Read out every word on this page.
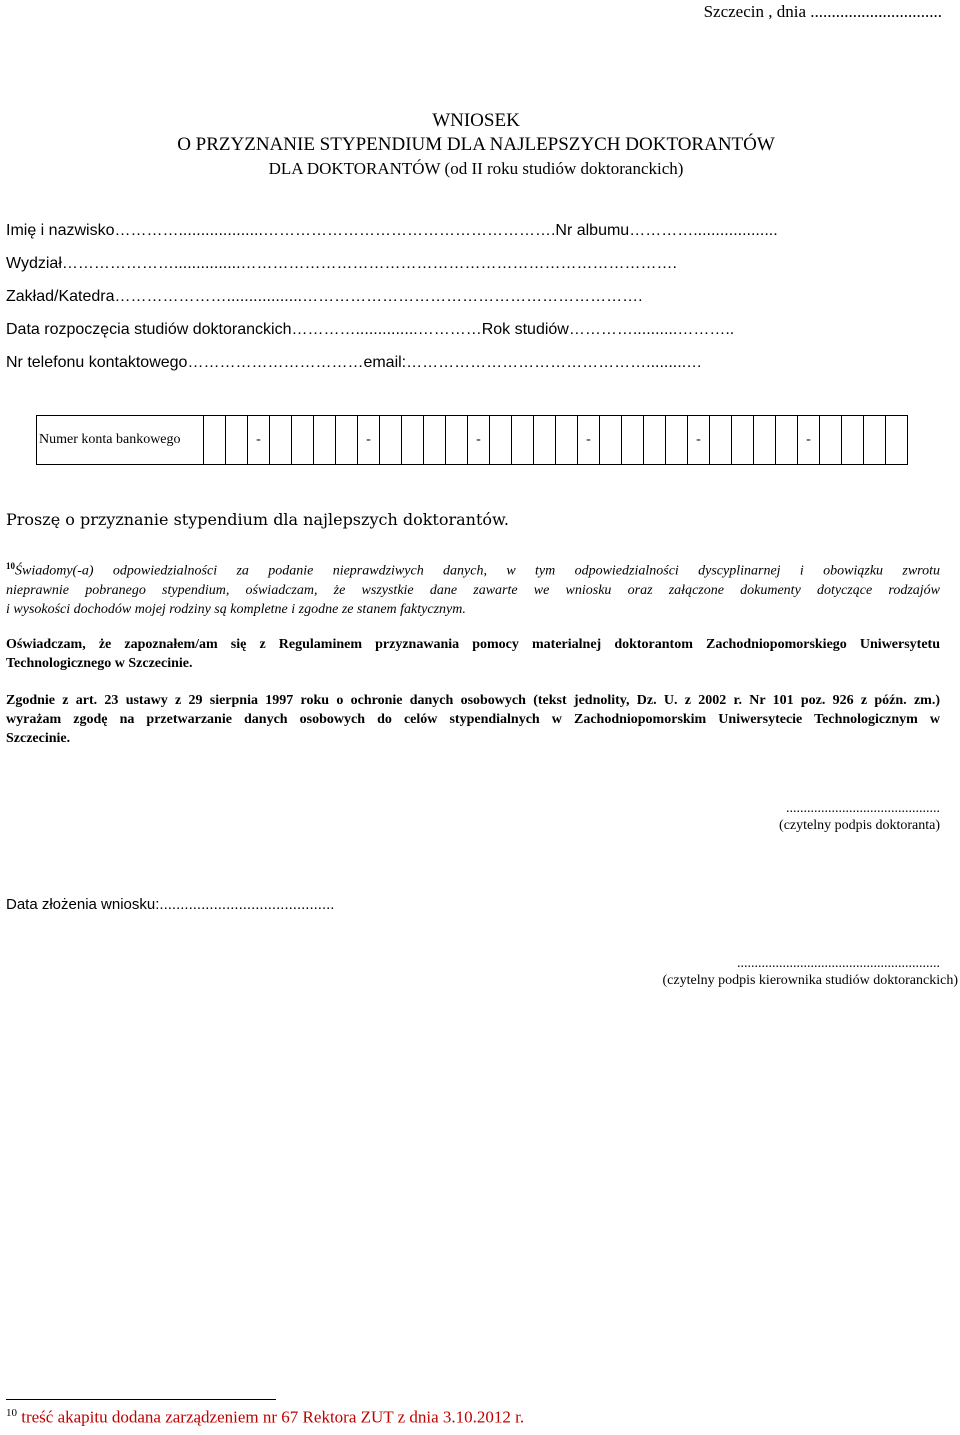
Szczecin , dnia ...............................
WNIOSEK
O PRZYZNANIE STYPENDIUM DLA NAJLEPSZYCH DOKTORANTÓW
DLA DOKTORANTÓW (od II roku studiów doktoranckich)
Imię i nazwisko…………...................……………………………………………….Nr albumu…………...................
Wydział…………………...............……………………………………………………………………….
Zakład/Katedra………………….................……………………………………………………….
Data rozpoczęcia studiów doktoranckich…………..............…………Rok studiów…………..........………..
Nr telefonu kontaktowego……………………………email:……………………………………….........…
Numer konta bankowego			-					-					-					-					-					-				
Proszę o przyznanie stypendium dla najlepszych doktorantów.
$^{10}$Świadomy(-a) odpowiedzialności za podanie nieprawdziwych danych, w tym odpowiedzialności dyscyplinarnej i obowiązku zwrotu
nieprawnie pobranego stypendium, oświadczam, że wszystkie dane zawarte we wniosku oraz załączone dokumenty dotyczące rodzajów
i wysokości dochodów mojej rodziny są kompletne i zgodne ze stanem faktycznym.
Oświadczam, że zapoznałem/am się z Regulaminem przyznawania pomocy materialnej doktorantom Zachodniopomorskiego Uniwersytetu
Technologicznego w Szczecinie.
Zgodnie z art. 23 ustawy z 29 sierpnia 1997 roku o ochronie danych osobowych (tekst jednolity, Dz. U. z 2002 r. Nr 101 poz. 926 z późn. zm.)
wyrażam zgodę na przetwarzanie danych osobowych do celów stypendialnych w Zachodniopomorskim Uniwersytecie Technologicznym w
Szczecinie.
............................................
(czytelny podpis doktoranta)
Data złożenia wniosku:..........................................
..........................................................
(czytelny podpis kierownika studiów doktoranckich)
$^{10}$ treść akapitu dodana zarządzeniem nr 67 Rektora ZUT z dnia 3.10.2012 r.
